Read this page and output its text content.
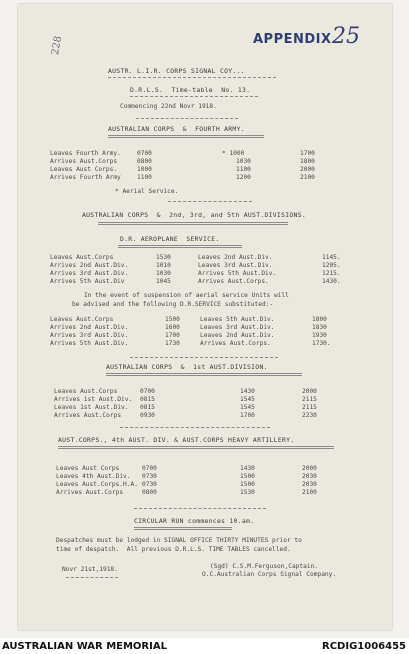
APPENDIX 25
228
AUSTR. L.I.R. CORPS SIGNAL COY...
D.R.L.S.  Time-table  No. 13.
Commencing 22nd Novr 1918.
AUSTRALIAN CORPS  &  FOURTH ARMY.
Leaves Fourth Army.	0700	* 1000	1700
Arrives Aust.Corps	0800	1030	1800
Leaves Aust Corps.	1000	1100	2000
Arrives Fourth Army	1100	1200	2100
* Aerial Service.
AUSTRALIAN CORPS  &  2nd, 3rd, and 5th AUST.DIVISIONS.
D.R. AEROPLANE  SERVICE.
Leaves Aust.Corps	1530	Leaves 2nd Aust.Div.	1145.
Arrives 2nd Aust.Div.	1010	Leaves 3rd Aust.Div.	1205.
Arrives 3rd Aust.Div.	1030	Arrives 5th Aust.Div.	1215.
Arrives 5th Aust.Div	1045	Arrives Aust.Corps.	1430.
In the event of suspension of aerial service Units will
be advised and the following D.R.SERVICE substituted:-
Leaves Aust.Corps	1500	Leaves 5th Aust.Div.	1800
Arrives 2nd Aust.Div.	1600	Leaves 3rd Aust.Div.	1830
Arrives 3rd Aust.Div.	1700	Leaves 2nd Aust.Div.	1930
Arrives 5th Aust.Div.	1730	Arrives Aust.Corps.	1730.
AUSTRALIAN CORPS  &  1st AUST.DIVISION.
Leaves Aust.Corps	0700	1430	2000
Arrives 1st Aust.Div. 0815	1545	2115
Leaves 1st Aust.Div. 0815	1545	2115
Arrives Aust.Corps	0930	1700	2230
AUST.CORPS., 4th AUST. DIV. & AUST.CORPS HEAVY ARTILLERY.
Leaves Aust Corps	0700	1430	2000
Leaves 4th Aust.Div. 0730	1500	2030
Leaves Aust.Corps.H.A. 0730	1500	2030
Arrives Aust.Corps	0800	1530	2100
CIRCULAR RUN commences 10.am.
Despatches must be lodged in SIGNAL OFFICE THIRTY MINUTES prior to
time of despatch.  All previous D.R.L.S. TIME TABLES cancelled.
Novr 21st,1918.	(Sgd) C.S.M.Ferguson,Captain.
O.C.Australian Corps Signal Company.
AUSTRALIAN WAR MEMORIAL	RCDIG1006455
